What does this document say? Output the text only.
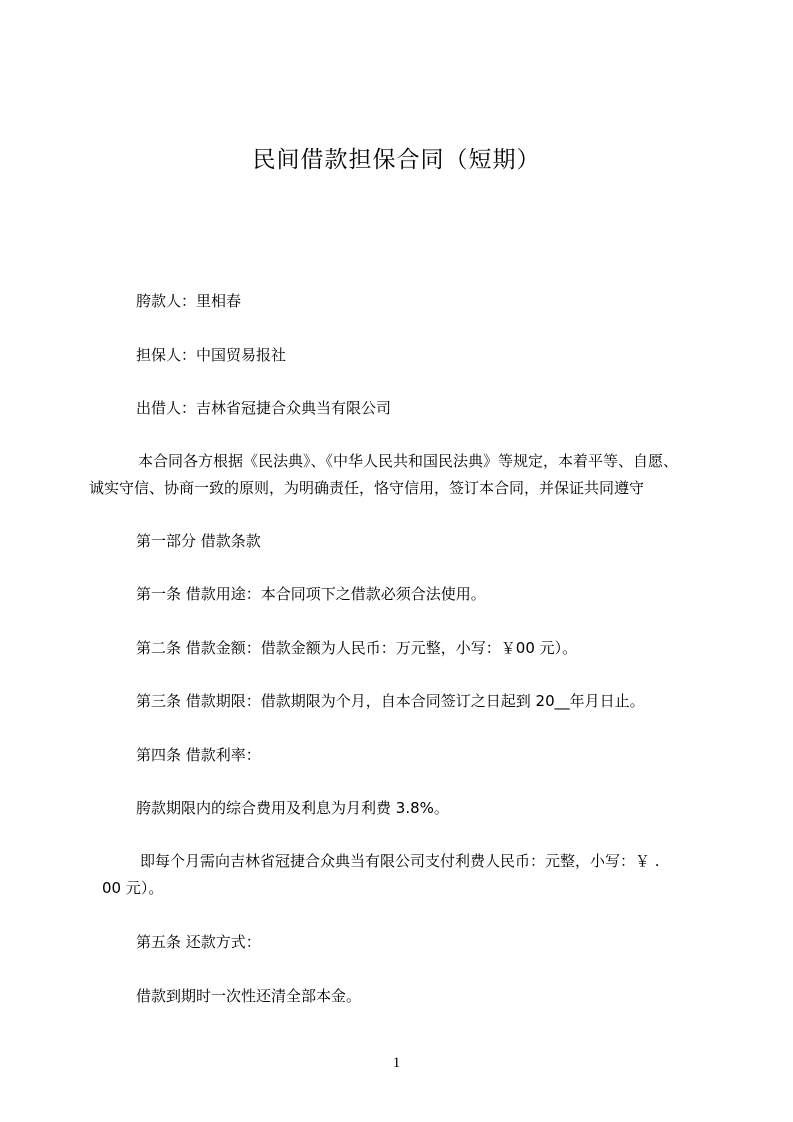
民间借款担保合同（短期）
胯款人：里相春
担保人：中国贸易报社
出借人：吉林省冠捷合众典当有限公司
本合同各方根据《民法典》、《中华人民共和国民法典》等规定，本着平等、自愿、
诚实守信、协商一致的原则，为明确责任，恪守信用，签订本合同，并保证共同遵守
第一部分 借款条款
第一条 借款用途：本合同项下之借款必须合法使用。
第二条 借款金额：借款金额为人民币：万元整，小写：￥00 元）。
第三条 借款期限：借款期限为个月，自本合同签订之日起到 20__年月日止。
第四条 借款利率：
胯款期限内的综合费用及利息为月利费 3.8%。
即每个月需向吉林省冠捷合众典当有限公司支付利费人民币：元整，小写：￥ .
00 元）。
第五条 还款方式：
借款到期时一次性还清全部本金。
1
